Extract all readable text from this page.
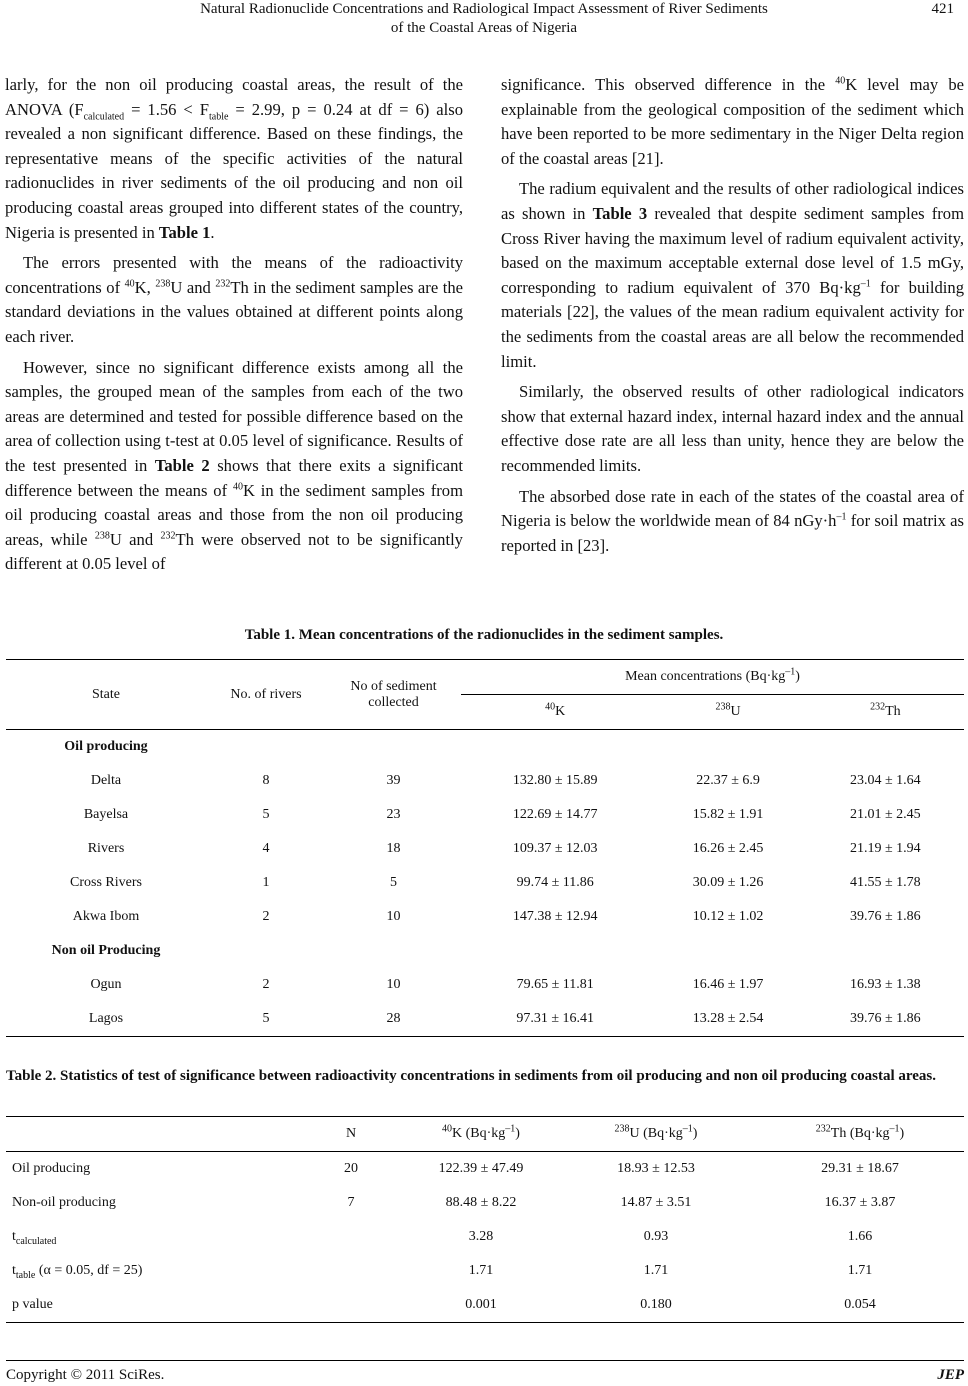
Natural Radionuclide Concentrations and Radiological Impact Assessment of River Sediments
of the Coastal Areas of Nigeria
421

larly, for the non oil producing coastal areas, the result of the ANOVA ($F_{calculated} = 1.56 < F_{table} = 2.99$, p = 0.24 at df = 6) also revealed a non significant difference. Based on these findings, the representative means of the specific activities of the natural radionuclides in river sediments of the oil producing and non oil producing coastal areas grouped into different states of the country, Nigeria is presented in Table 1.

The errors presented with the means of the radioactivity concentrations of $^{40}$K, $^{238}$U and $^{232}$Th in the sediment samples are the standard deviations in the values obtained at different points along each river.

However, since no significant difference exists among all the samples, the grouped mean of the samples from each of the two areas are determined and tested for possible difference based on the area of collection using t-test at 0.05 level of significance. Results of the test presented in Table 2 shows that there exits a significant difference between the means of $^{40}$K in the sediment samples from oil producing coastal areas and those from the non oil producing areas, while $^{238}$U and $^{232}$Th were observed not to be significantly different at 0.05 level of

significance. This observed difference in the $^{40}$K level may be explainable from the geological composition of the sediment which have been reported to be more sedimentary in the Niger Delta region of the coastal areas [21].

The radium equivalent and the results of other radiological indices as shown in Table 3 revealed that despite sediment samples from Cross River having the maximum level of radium equivalent activity, based on the maximum acceptable external dose level of 1.5 mGy, corresponding to radium equivalent of 370 $Bq\cdot kg^{-1}$ for building materials [22], the values of the mean radium equivalent activity for the sediments from the coastal areas are all below the recommended limit.

Similarly, the observed results of other radiological indicators show that external hazard index, internal hazard index and the annual effective dose rate are all less than unity, hence they are below the recommended limits.

The absorbed dose rate in each of the states of the coastal area of Nigeria is below the worldwide mean of 84 $nGy\cdot h^{-1}$ for soil matrix as reported in [23].

Table 1. Mean concentrations of the radionuclides in the sediment samples.
State	No. of rivers	No of sediment collected	Mean concentrations $(Bq\cdot kg^{-1})$		
			$^{40}$K	$^{238}$U	$^{232}$Th
Oil producing					
Delta	8	39	132.80 ± 15.89	22.37 ± 6.9	23.04 ± 1.64
Bayelsa	5	23	122.69 ± 14.77	15.82 ± 1.91	21.01 ± 2.45
Rivers	4	18	109.37 ± 12.03	16.26 ± 2.45	21.19 ± 1.94
Cross Rivers	1	5	99.74 ± 11.86	30.09 ± 1.26	41.55 ± 1.78
Akwa Ibom	2	10	147.38 ± 12.94	10.12 ± 1.02	39.76 ± 1.86
Non oil Producing					
Ogun	2	10	79.65 ± 11.81	16.46 ± 1.97	16.93 ± 1.38
Lagos	5	28	97.31 ± 16.41	13.28 ± 2.54	39.76 ± 1.86
Table 2. Statistics of test of significance between radioactivity concentrations in sediments from oil producing and non oil producing coastal areas.
	N	$^{40}$K $(Bq\cdot kg^{-1})$	$^{238}$U $(Bq\cdot kg^{-1})$	$^{232}$Th $(Bq\cdot kg^{-1})$
Oil producing	20	122.39 ± 47.49	18.93 ± 12.53	29.31 ± 18.67
Non-oil producing	7	88.48 ± 8.22	14.87 ± 3.51	16.37 ± 3.87
$t_{calculated}$		3.28	0.93	1.66
$t_{table}$ (α = 0.05, df = 25)		1.71	1.71	1.71
p value		0.001	0.180	0.054
Copyright © 2011 SciRes.	JEP
